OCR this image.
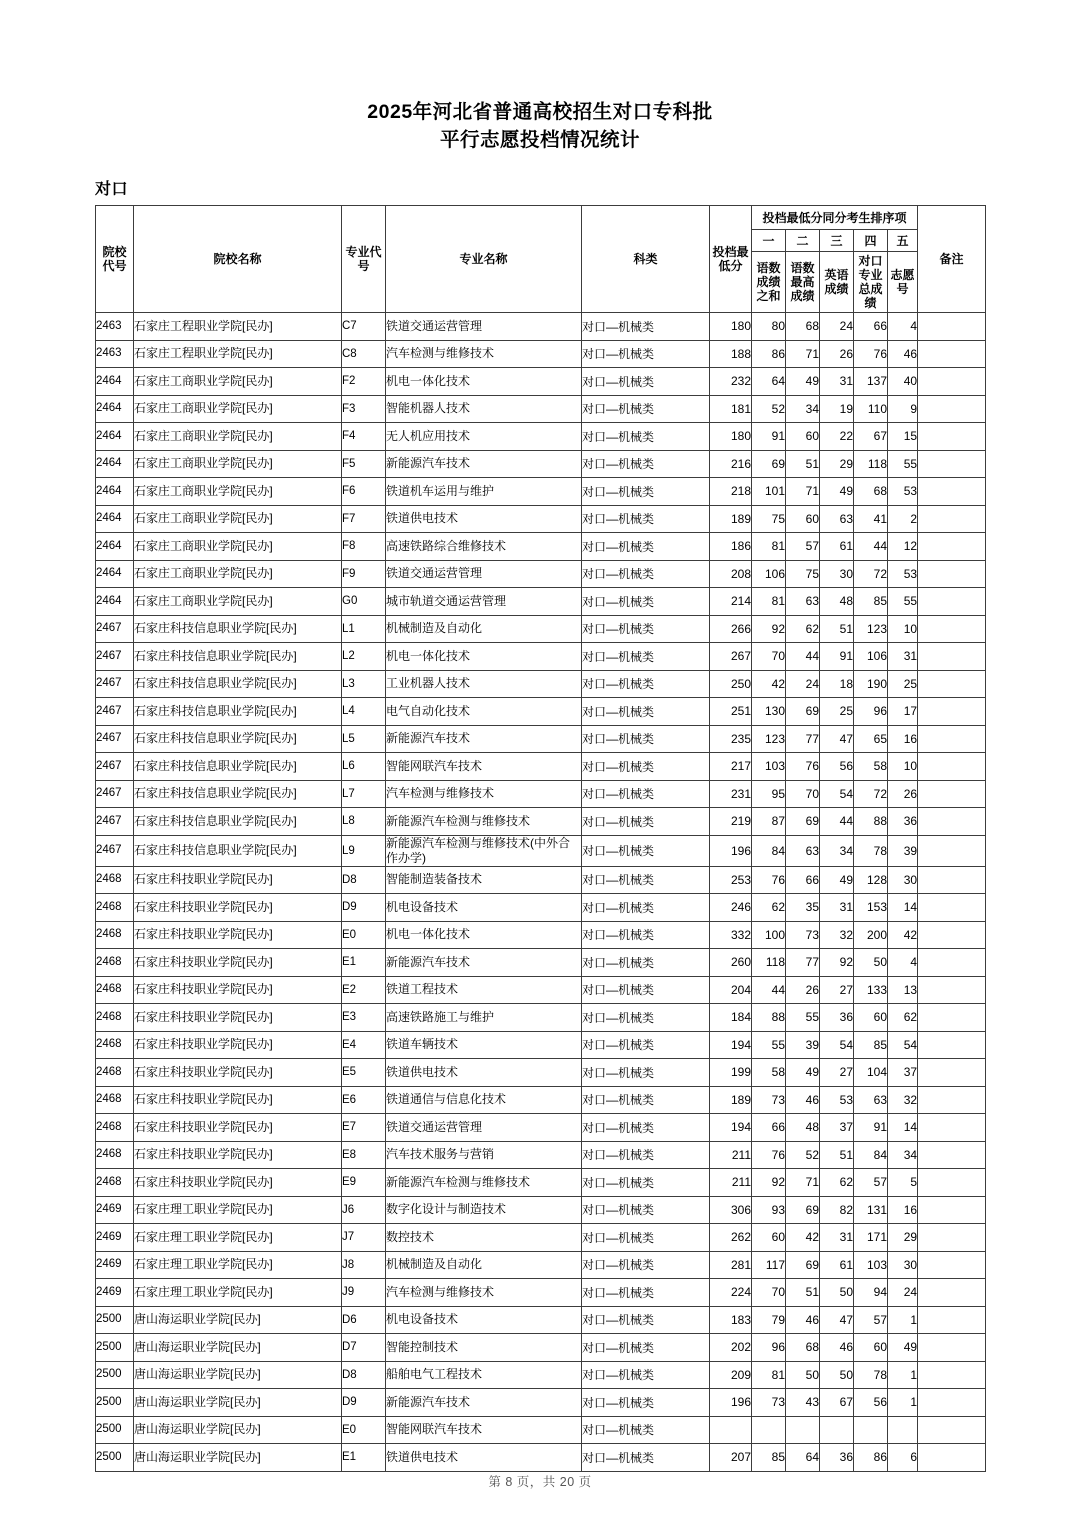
2025年河北省普通高校招生对口专科批
平行志愿投档情况统计
对口
院校代号	院校名称	专业代号	专业名称	科类	投档最低分	投档最低分同分考生排序项					备注
						一	二	三	四	五	
						语数成绩之和	语数最高成绩	英语成绩	对口专业总成绩	志愿号	
2463	石家庄工程职业学院[民办]	C7	铁道交通运营管理	对口—机械类	180	80	68	24	66	4	
2463	石家庄工程职业学院[民办]	C8	汽车检测与维修技术	对口—机械类	188	86	71	26	76	46	
2464	石家庄工商职业学院[民办]	F2	机电一体化技术	对口—机械类	232	64	49	31	137	40	
2464	石家庄工商职业学院[民办]	F3	智能机器人技术	对口—机械类	181	52	34	19	110	9	
2464	石家庄工商职业学院[民办]	F4	无人机应用技术	对口—机械类	180	91	60	22	67	15	
2464	石家庄工商职业学院[民办]	F5	新能源汽车技术	对口—机械类	216	69	51	29	118	55	
2464	石家庄工商职业学院[民办]	F6	铁道机车运用与维护	对口—机械类	218	101	71	49	68	53	
2464	石家庄工商职业学院[民办]	F7	铁道供电技术	对口—机械类	189	75	60	63	41	2	
2464	石家庄工商职业学院[民办]	F8	高速铁路综合维修技术	对口—机械类	186	81	57	61	44	12	
2464	石家庄工商职业学院[民办]	F9	铁道交通运营管理	对口—机械类	208	106	75	30	72	53	
2464	石家庄工商职业学院[民办]	G0	城市轨道交通运营管理	对口—机械类	214	81	63	48	85	55	
2467	石家庄科技信息职业学院[民办]	L1	机械制造及自动化	对口—机械类	266	92	62	51	123	10	
2467	石家庄科技信息职业学院[民办]	L2	机电一体化技术	对口—机械类	267	70	44	91	106	31	
2467	石家庄科技信息职业学院[民办]	L3	工业机器人技术	对口—机械类	250	42	24	18	190	25	
2467	石家庄科技信息职业学院[民办]	L4	电气自动化技术	对口—机械类	251	130	69	25	96	17	
2467	石家庄科技信息职业学院[民办]	L5	新能源汽车技术	对口—机械类	235	123	77	47	65	16	
2467	石家庄科技信息职业学院[民办]	L6	智能网联汽车技术	对口—机械类	217	103	76	56	58	10	
2467	石家庄科技信息职业学院[民办]	L7	汽车检测与维修技术	对口—机械类	231	95	70	54	72	26	
2467	石家庄科技信息职业学院[民办]	L8	新能源汽车检测与维修技术	对口—机械类	219	87	69	44	88	36	
2467	石家庄科技信息职业学院[民办]	L9	新能源汽车检测与维修技术(中外合作办学)	对口—机械类	196	84	63	34	78	39	
2468	石家庄科技职业学院[民办]	D8	智能制造装备技术	对口—机械类	253	76	66	49	128	30	
2468	石家庄科技职业学院[民办]	D9	机电设备技术	对口—机械类	246	62	35	31	153	14	
2468	石家庄科技职业学院[民办]	E0	机电一体化技术	对口—机械类	332	100	73	32	200	42	
2468	石家庄科技职业学院[民办]	E1	新能源汽车技术	对口—机械类	260	118	77	92	50	4	
2468	石家庄科技职业学院[民办]	E2	铁道工程技术	对口—机械类	204	44	26	27	133	13	
2468	石家庄科技职业学院[民办]	E3	高速铁路施工与维护	对口—机械类	184	88	55	36	60	62	
2468	石家庄科技职业学院[民办]	E4	铁道车辆技术	对口—机械类	194	55	39	54	85	54	
2468	石家庄科技职业学院[民办]	E5	铁道供电技术	对口—机械类	199	58	49	27	104	37	
2468	石家庄科技职业学院[民办]	E6	铁道通信与信息化技术	对口—机械类	189	73	46	53	63	32	
2468	石家庄科技职业学院[民办]	E7	铁道交通运营管理	对口—机械类	194	66	48	37	91	14	
2468	石家庄科技职业学院[民办]	E8	汽车技术服务与营销	对口—机械类	211	76	52	51	84	34	
2468	石家庄科技职业学院[民办]	E9	新能源汽车检测与维修技术	对口—机械类	211	92	71	62	57	5	
2469	石家庄理工职业学院[民办]	J6	数字化设计与制造技术	对口—机械类	306	93	69	82	131	16	
2469	石家庄理工职业学院[民办]	J7	数控技术	对口—机械类	262	60	42	31	171	29	
2469	石家庄理工职业学院[民办]	J8	机械制造及自动化	对口—机械类	281	117	69	61	103	30	
2469	石家庄理工职业学院[民办]	J9	汽车检测与维修技术	对口—机械类	224	70	51	50	94	24	
2500	唐山海运职业学院[民办]	D6	机电设备技术	对口—机械类	183	79	46	47	57	1	
2500	唐山海运职业学院[民办]	D7	智能控制技术	对口—机械类	202	96	68	46	60	49	
2500	唐山海运职业学院[民办]	D8	船舶电气工程技术	对口—机械类	209	81	50	50	78	1	
2500	唐山海运职业学院[民办]	D9	新能源汽车技术	对口—机械类	196	73	43	67	56	1	
2500	唐山海运职业学院[民办]	E0	智能网联汽车技术	对口—机械类							
2500	唐山海运职业学院[民办]	E1	铁道供电技术	对口—机械类	207	85	64	36	86	6	
第 8 页，共 20 页
